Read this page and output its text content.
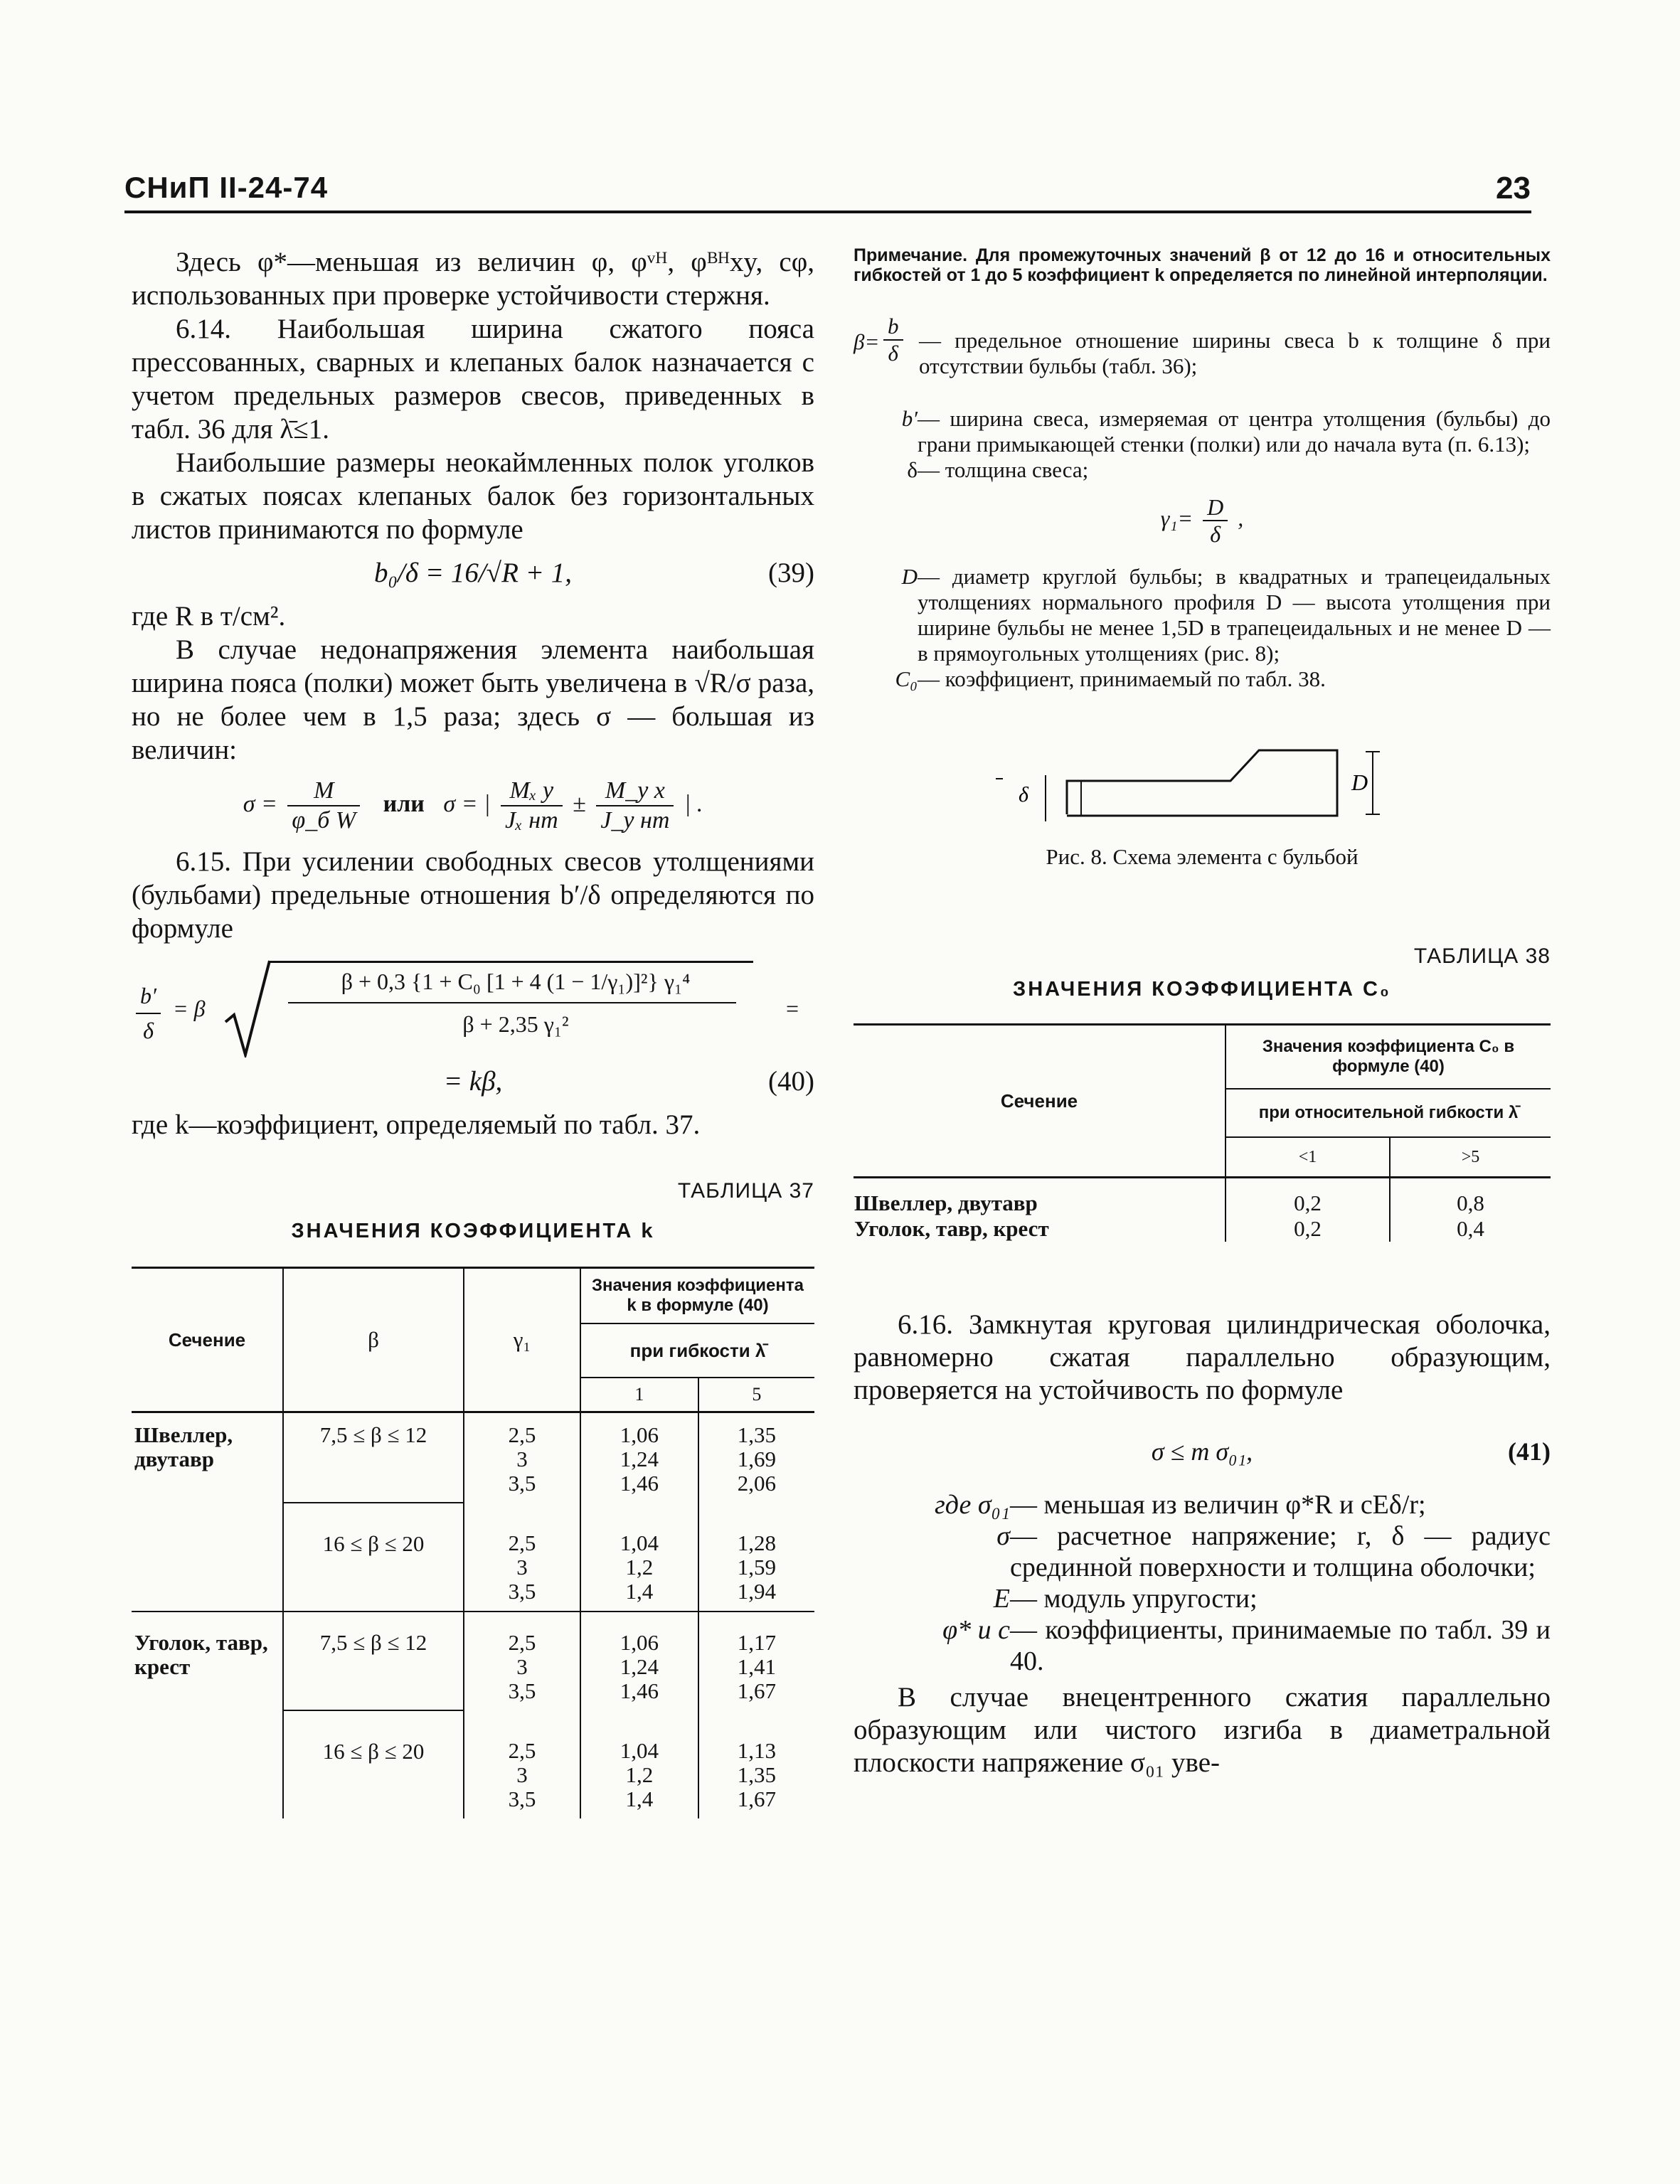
СНиП II-24-74	23

Здесь φ*—меньшая из величин φ, φᵛᴴ, φᴮᴴxy, cφ, использованных при проверке устойчивости стержня.

6.14. Наибольшая ширина сжатого пояса прессованных, сварных и клепаных балок назначается с учетом предельных размеров свесов, приведенных в табл. 36 для λ̄≤1.

Наибольшие размеры неокаймленных полок уголков в сжатых поясах клепаных балок без горизонтальных листов принимаются по формуле

b₀/δ = 16/√R + 1,	(39)

где R в т/см².

В случае недонапряжения элемента наибольшая ширина пояса (полки) может быть увеличена в √R/σ раза, но не более чем в 1,5 раза; здесь σ — большая из величин:

$\sigma = \frac{M}{\text{φ\_б W}}$ или σ = | $\frac{\text{Mₓ y}}{\text{Jₓ нт}} \pm \frac{\text{M\_y x}}{\text{J\_y нт}}$ | .

6.15. При усилении свободных свесов утолщениями (бульбами) предельные отношения b′/δ определяются по формуле

$\frac{b'}{\delta} = \beta$
β + 0,3 {1 + C₀ [1 + 4 (1 − 1/γ₁)]²} γ₁⁴
β + 2,35 γ₁²
=
= kβ,	(40)

где k—коэффициент, определяемый по табл. 37.

ТАБЛИЦА 37
ЗНАЧЕНИЯ КОЭФФИЦИЕНТА k
Сечение	β	γ₁	Значения коэффициента k в формуле (40)	
			при гибкости λ̄	
			1	5
Швеллер, двутавр	7,5 ≤ β ≤ 12	2,5
3
3,5	1,06
1,24
1,46	1,35
1,69
2,06
	16 ≤ β ≤ 20	2,5
3
3,5	1,04
1,2
1,4	1,28
1,59
1,94
Уголок, тавр, крест	7,5 ≤ β ≤ 12	2,5
3
3,5	1,06
1,24
1,46	1,17
1,41
1,67
	16 ≤ β ≤ 20	2,5
3
3,5	1,04
1,2
1,4	1,13
1,35
1,67

Примечание. Для промежуточных значений β от 12 до 16 и относительных гибкостей от 1 до 5 коэффициент k определяется по линейной интерполяции.

$\beta= \frac{b}{\delta}$ — предельное отношение ширины свеса b к толщине δ при отсутствии бульбы (табл. 36);
b′ — ширина свеса, измеряемая от центра утолщения (бульбы) до грани примыкающей стенки (полки) или до начала вута (п. 6.13);
δ — толщина свеса;
$\gamma_1= \frac{D}{\delta}$ ,
D — диаметр круглой бульбы; в квадратных и трапецеидальных утолщениях нормального профиля D — высота утолщения при ширине бульбы не менее 1,5D в трапецеидальных и не менее D — в прямоугольных утолщениях (рис. 8);
C₀ — коэффициент, принимаемый по табл. 38.
δ	D
Рис. 8. Схема элемента с бульбой
ТАБЛИЦА 38
ЗНАЧЕНИЯ КОЭФФИЦИЕНТА C₀
Сечение	Значения коэффициента C₀ в формуле (40)	
	при относительной гибкости λ̄	
	<1	>5
Швеллер, двутавр	0,2	0,8
Уголок, тавр, крест	0,2	0,4

6.16. Замкнутая круговая цилиндрическая оболочка, равномерно сжатая параллельно образующим, проверяется на устойчивость по формуле

σ ≤ m σ₀₁,	(41)
где σ₀₁ — меньшая из величин φ*R и cEδ/r;
σ — расчетное напряжение; r, δ — радиус срединной поверхности и толщина оболочки;
E — модуль упругости;
φ* и c — коэффициенты, принимаемые по табл. 39 и 40.

В случае внецентренного сжатия параллельно образующим или чистого изгиба в диаметральной плоскости напряжение σ₀₁ уве-
